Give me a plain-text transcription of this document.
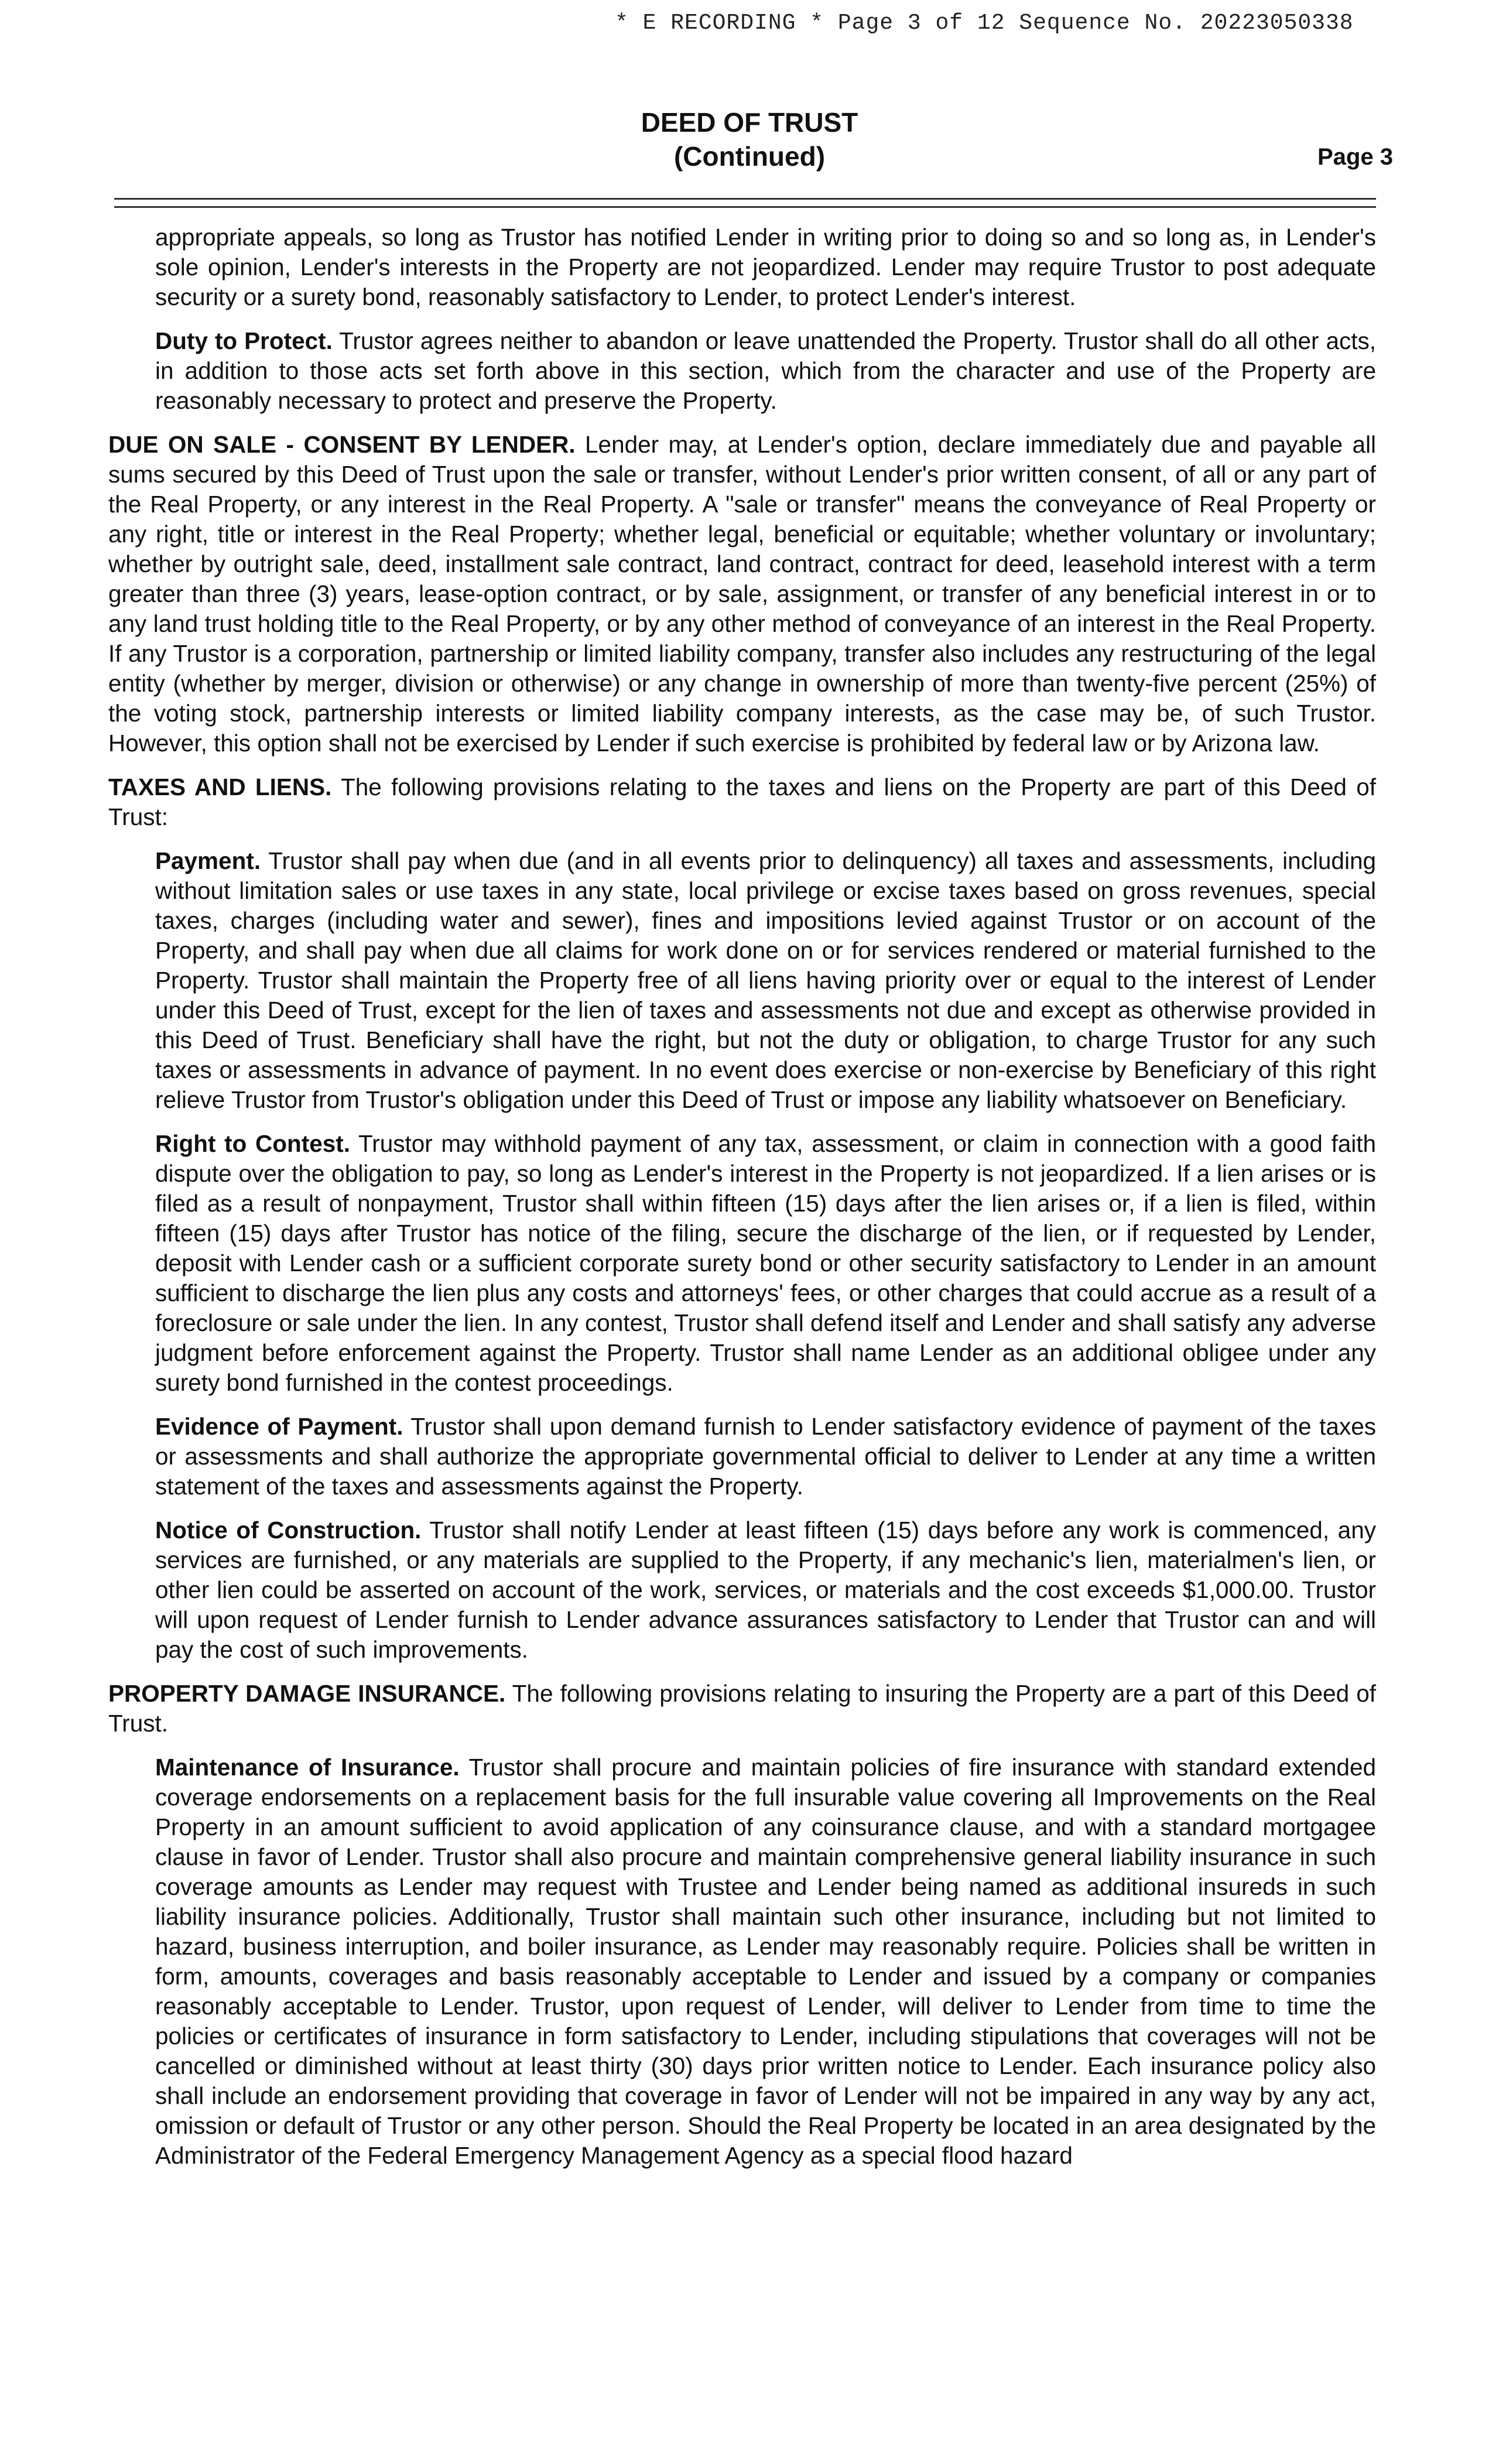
* E RECORDING * Page 3 of 12 Sequence No. 20223050338
DEED OF TRUST
(Continued)	Page 3

appropriate appeals, so long as Trustor has notified Lender in writing prior to doing so and so long as, in Lender's sole opinion, Lender's interests in the Property are not jeopardized. Lender may require Trustor to post adequate security or a surety bond, reasonably satisfactory to Lender, to protect Lender's interest.

Duty to Protect. Trustor agrees neither to abandon or leave unattended the Property. Trustor shall do all other acts, in addition to those acts set forth above in this section, which from the character and use of the Property are reasonably necessary to protect and preserve the Property.

DUE ON SALE - CONSENT BY LENDER. Lender may, at Lender's option, declare immediately due and payable all sums secured by this Deed of Trust upon the sale or transfer, without Lender's prior written consent, of all or any part of the Real Property, or any interest in the Real Property. A "sale or transfer" means the conveyance of Real Property or any right, title or interest in the Real Property; whether legal, beneficial or equitable; whether voluntary or involuntary; whether by outright sale, deed, installment sale contract, land contract, contract for deed, leasehold interest with a term greater than three (3) years, lease-option contract, or by sale, assignment, or transfer of any beneficial interest in or to any land trust holding title to the Real Property, or by any other method of conveyance of an interest in the Real Property. If any Trustor is a corporation, partnership or limited liability company, transfer also includes any restructuring of the legal entity (whether by merger, division or otherwise) or any change in ownership of more than twenty-five percent (25%) of the voting stock, partnership interests or limited liability company interests, as the case may be, of such Trustor. However, this option shall not be exercised by Lender if such exercise is prohibited by federal law or by Arizona law.

TAXES AND LIENS. The following provisions relating to the taxes and liens on the Property are part of this Deed of Trust:

Payment. Trustor shall pay when due (and in all events prior to delinquency) all taxes and assessments, including without limitation sales or use taxes in any state, local privilege or excise taxes based on gross revenues, special taxes, charges (including water and sewer), fines and impositions levied against Trustor or on account of the Property, and shall pay when due all claims for work done on or for services rendered or material furnished to the Property. Trustor shall maintain the Property free of all liens having priority over or equal to the interest of Lender under this Deed of Trust, except for the lien of taxes and assessments not due and except as otherwise provided in this Deed of Trust. Beneficiary shall have the right, but not the duty or obligation, to charge Trustor for any such taxes or assessments in advance of payment. In no event does exercise or non-exercise by Beneficiary of this right relieve Trustor from Trustor's obligation under this Deed of Trust or impose any liability whatsoever on Beneficiary.

Right to Contest. Trustor may withhold payment of any tax, assessment, or claim in connection with a good faith dispute over the obligation to pay, so long as Lender's interest in the Property is not jeopardized. If a lien arises or is filed as a result of nonpayment, Trustor shall within fifteen (15) days after the lien arises or, if a lien is filed, within fifteen (15) days after Trustor has notice of the filing, secure the discharge of the lien, or if requested by Lender, deposit with Lender cash or a sufficient corporate surety bond or other security satisfactory to Lender in an amount sufficient to discharge the lien plus any costs and attorneys' fees, or other charges that could accrue as a result of a foreclosure or sale under the lien. In any contest, Trustor shall defend itself and Lender and shall satisfy any adverse judgment before enforcement against the Property. Trustor shall name Lender as an additional obligee under any surety bond furnished in the contest proceedings.

Evidence of Payment. Trustor shall upon demand furnish to Lender satisfactory evidence of payment of the taxes or assessments and shall authorize the appropriate governmental official to deliver to Lender at any time a written statement of the taxes and assessments against the Property.

Notice of Construction. Trustor shall notify Lender at least fifteen (15) days before any work is commenced, any services are furnished, or any materials are supplied to the Property, if any mechanic's lien, materialmen's lien, or other lien could be asserted on account of the work, services, or materials and the cost exceeds $1,000.00. Trustor will upon request of Lender furnish to Lender advance assurances satisfactory to Lender that Trustor can and will pay the cost of such improvements.

PROPERTY DAMAGE INSURANCE. The following provisions relating to insuring the Property are a part of this Deed of Trust.

Maintenance of Insurance. Trustor shall procure and maintain policies of fire insurance with standard extended coverage endorsements on a replacement basis for the full insurable value covering all Improvements on the Real Property in an amount sufficient to avoid application of any coinsurance clause, and with a standard mortgagee clause in favor of Lender. Trustor shall also procure and maintain comprehensive general liability insurance in such coverage amounts as Lender may request with Trustee and Lender being named as additional insureds in such liability insurance policies. Additionally, Trustor shall maintain such other insurance, including but not limited to hazard, business interruption, and boiler insurance, as Lender may reasonably require. Policies shall be written in form, amounts, coverages and basis reasonably acceptable to Lender and issued by a company or companies reasonably acceptable to Lender. Trustor, upon request of Lender, will deliver to Lender from time to time the policies or certificates of insurance in form satisfactory to Lender, including stipulations that coverages will not be cancelled or diminished without at least thirty (30) days prior written notice to Lender. Each insurance policy also shall include an endorsement providing that coverage in favor of Lender will not be impaired in any way by any act, omission or default of Trustor or any other person. Should the Real Property be located in an area designated by the Administrator of the Federal Emergency Management Agency as a special flood hazard
